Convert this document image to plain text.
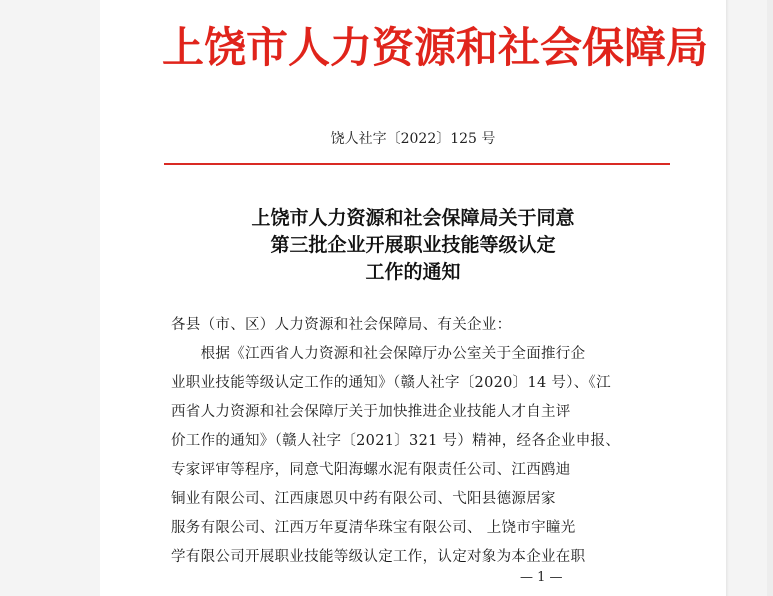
上饶市人力资源和社会保障局
饶人社字〔2022〕125 号
上饶市人力资源和社会保障局关于同意
第三批企业开展职业技能等级认定
工作的通知
各县（市、区）人力资源和社会保障局、有关企业：
　　根据《江西省人力资源和社会保障厅办公室关于全面推行企
业职业技能等级认定工作的通知》（赣人社字〔2020〕14 号）、《江
西省人力资源和社会保障厅关于加快推进企业技能人才自主评
价工作的通知》（赣人社字〔2021〕321 号）精神，经各企业申报、
专家评审等程序，同意弋阳海螺水泥有限责任公司、江西鸥迪
铜业有限公司、江西康恩贝中药有限公司、弋阳县德源居家
服务有限公司、江西万年夏清华珠宝有限公司、 上饶市宇瞳光
学有限公司开展职业技能等级认定工作，认定对象为本企业在职
— 1 —
